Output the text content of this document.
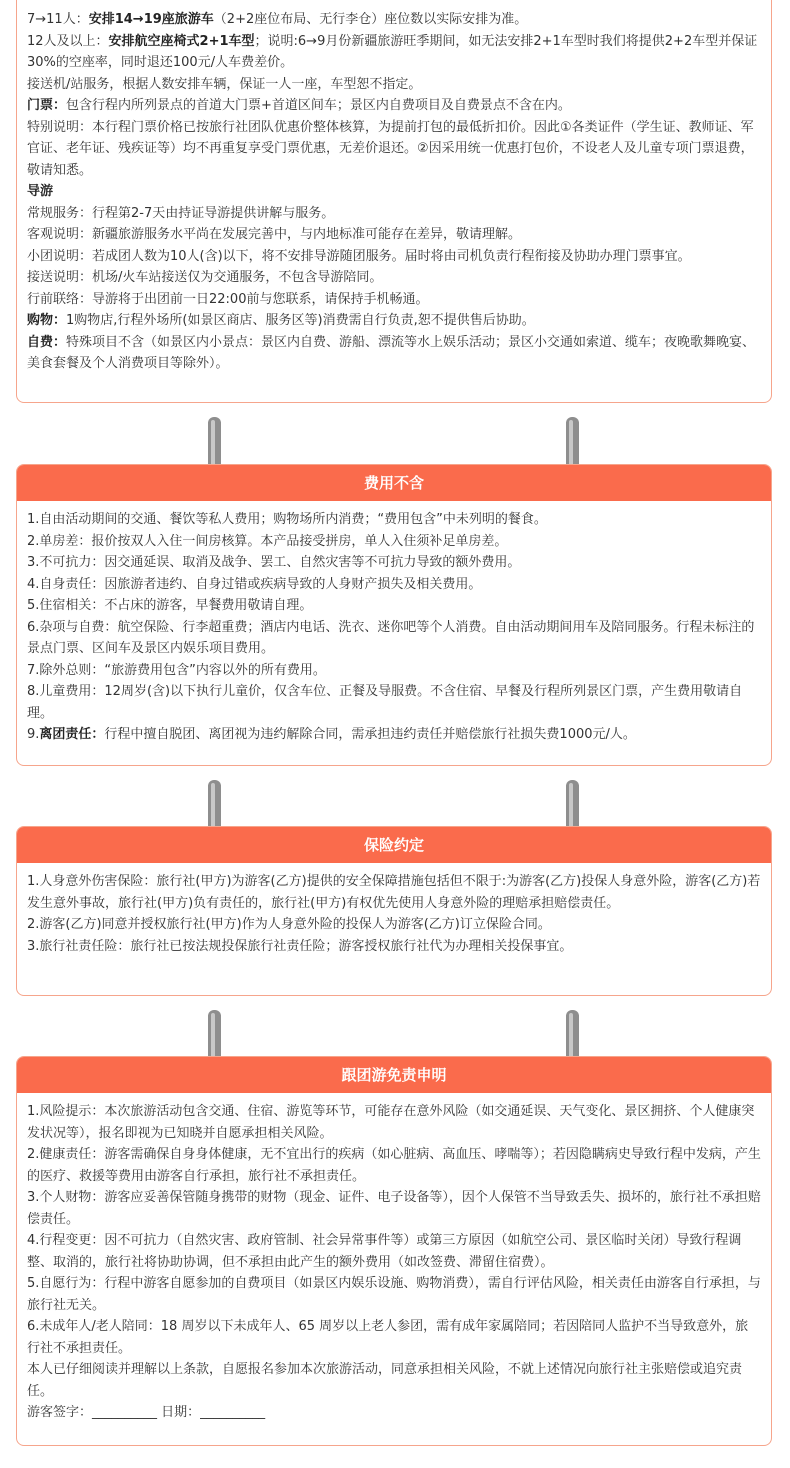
7→11人：安排14→19座旅游车（2+2座位布局、无行李仓）座位数以实际安排为准。

12人及以上：安排航空座椅式2+1车型；说明:6→9月份新疆旅游旺季期间，如无法安排2+1车型时我们将提供2+2车型并保证30%的空座率，同时退还100元/人车费差价。

接送机/站服务，根据人数安排车辆，保证一人一座，车型恕不指定。

门票：包含行程内所列景点的首道大门票+首道区间车；景区内自费项目及自费景点不含在内。

特别说明：本行程门票价格已按旅行社团队优惠价整体核算，为提前打包的最低折扣价。因此①各类证件（学生证、教师证、军官证、老年证、残疾证等）均不再重复享受门票优惠，无差价退还。②因采用统一优惠打包价，不设老人及儿童专项门票退费，敬请知悉。

导游

常规服务：行程第2-7天由持证导游提供讲解与服务。

客观说明：新疆旅游服务水平尚在发展完善中，与内地标准可能存在差异，敬请理解。

小团说明：若成团人数为10人(含)以下，将不安排导游随团服务。届时将由司机负责行程衔接及协助办理门票事宜。

接送说明：机场/火车站接送仅为交通服务，不包含导游陪同。

行前联络：导游将于出团前一日22:00前与您联系，请保持手机畅通。

购物：1购物店,行程外场所(如景区商店、服务区等)消费需自行负责,恕不提供售后协助。

自费：特殊项目不含（如景区内小景点：景区内自费、游船、漂流等水上娱乐活动；景区小交通如索道、缆车；夜晚歌舞晚宴、美食套餐及个人消费项目等除外）。

费用不含

1.自由活动期间的交通、餐饮等私人费用；购物场所内消费；“费用包含”中未列明的餐食。

2.单房差：报价按双人入住一间房核算。本产品接受拼房，单人入住须补足单房差。

3.不可抗力：因交通延误、取消及战争、罢工、自然灾害等不可抗力导致的额外费用。

4.自身责任：因旅游者违约、自身过错或疾病导致的人身财产损失及相关费用。

5.住宿相关：不占床的游客，早餐费用敬请自理。

6.杂项与自费：航空保险、行李超重费；酒店内电话、洗衣、迷你吧等个人消费。自由活动期间用车及陪同服务。行程未标注的景点门票、区间车及景区内娱乐项目费用。

7.除外总则：“旅游费用包含”内容以外的所有费用。

8.儿童费用：12周岁(含)以下执行儿童价，仅含车位、正餐及导服费。不含住宿、早餐及行程所列景区门票，产生费用敬请自理。

9.离团责任：行程中擅自脱团、离团视为违约解除合同，需承担违约责任并赔偿旅行社损失费1000元/人。

保险约定

1.人身意外伤害保险：旅行社(甲方)为游客(乙方)提供的安全保障措施包括但不限于:为游客(乙方)投保人身意外险，游客(乙方)若发生意外事故，旅行社(甲方)负有责任的，旅行社(甲方)有权优先使用人身意外险的理赔承担赔偿责任。

2.游客(乙方)同意并授权旅行社(甲方)作为人身意外险的投保人为游客(乙方)订立保险合同。

3.旅行社责任险：旅行社已按法规投保旅行社责任险；游客授权旅行社代为办理相关投保事宜。

跟团游免责申明

1.风险提示：本次旅游活动包含交通、住宿、游览等环节，可能存在意外风险（如交通延误、天气变化、景区拥挤、个人健康突发状况等），报名即视为已知晓并自愿承担相关风险。

2.健康责任：游客需确保自身身体健康，无不宜出行的疾病（如心脏病、高血压、哮喘等）；若因隐瞒病史导致行程中发病，产生的医疗、救援等费用由游客自行承担，旅行社不承担责任。

3.个人财物：游客应妥善保管随身携带的财物（现金、证件、电子设备等），因个人保管不当导致丢失、损坏的，旅行社不承担赔偿责任。

4.行程变更：因不可抗力（自然灾害、政府管制、社会异常事件等）或第三方原因（如航空公司、景区临时关闭）导致行程调整、取消的，旅行社将协助协调，但不承担由此产生的额外费用（如改签费、滞留住宿费）。

5.自愿行为：行程中游客自愿参加的自费项目（如景区内娱乐设施、购物消费），需自行评估风险，相关责任由游客自行承担，与旅行社无关。

6.未成年人/老人陪同：18 周岁以下未成年人、65 周岁以上老人参团，需有成年家属陪同；若因陪同人监护不当导致意外，旅行社不承担责任。

本人已仔细阅读并理解以上条款，自愿报名参加本次旅游活动，同意承担相关风险，不就上述情况向旅行社主张赔偿或追究责任。

游客签字：__________ 日期：__________
